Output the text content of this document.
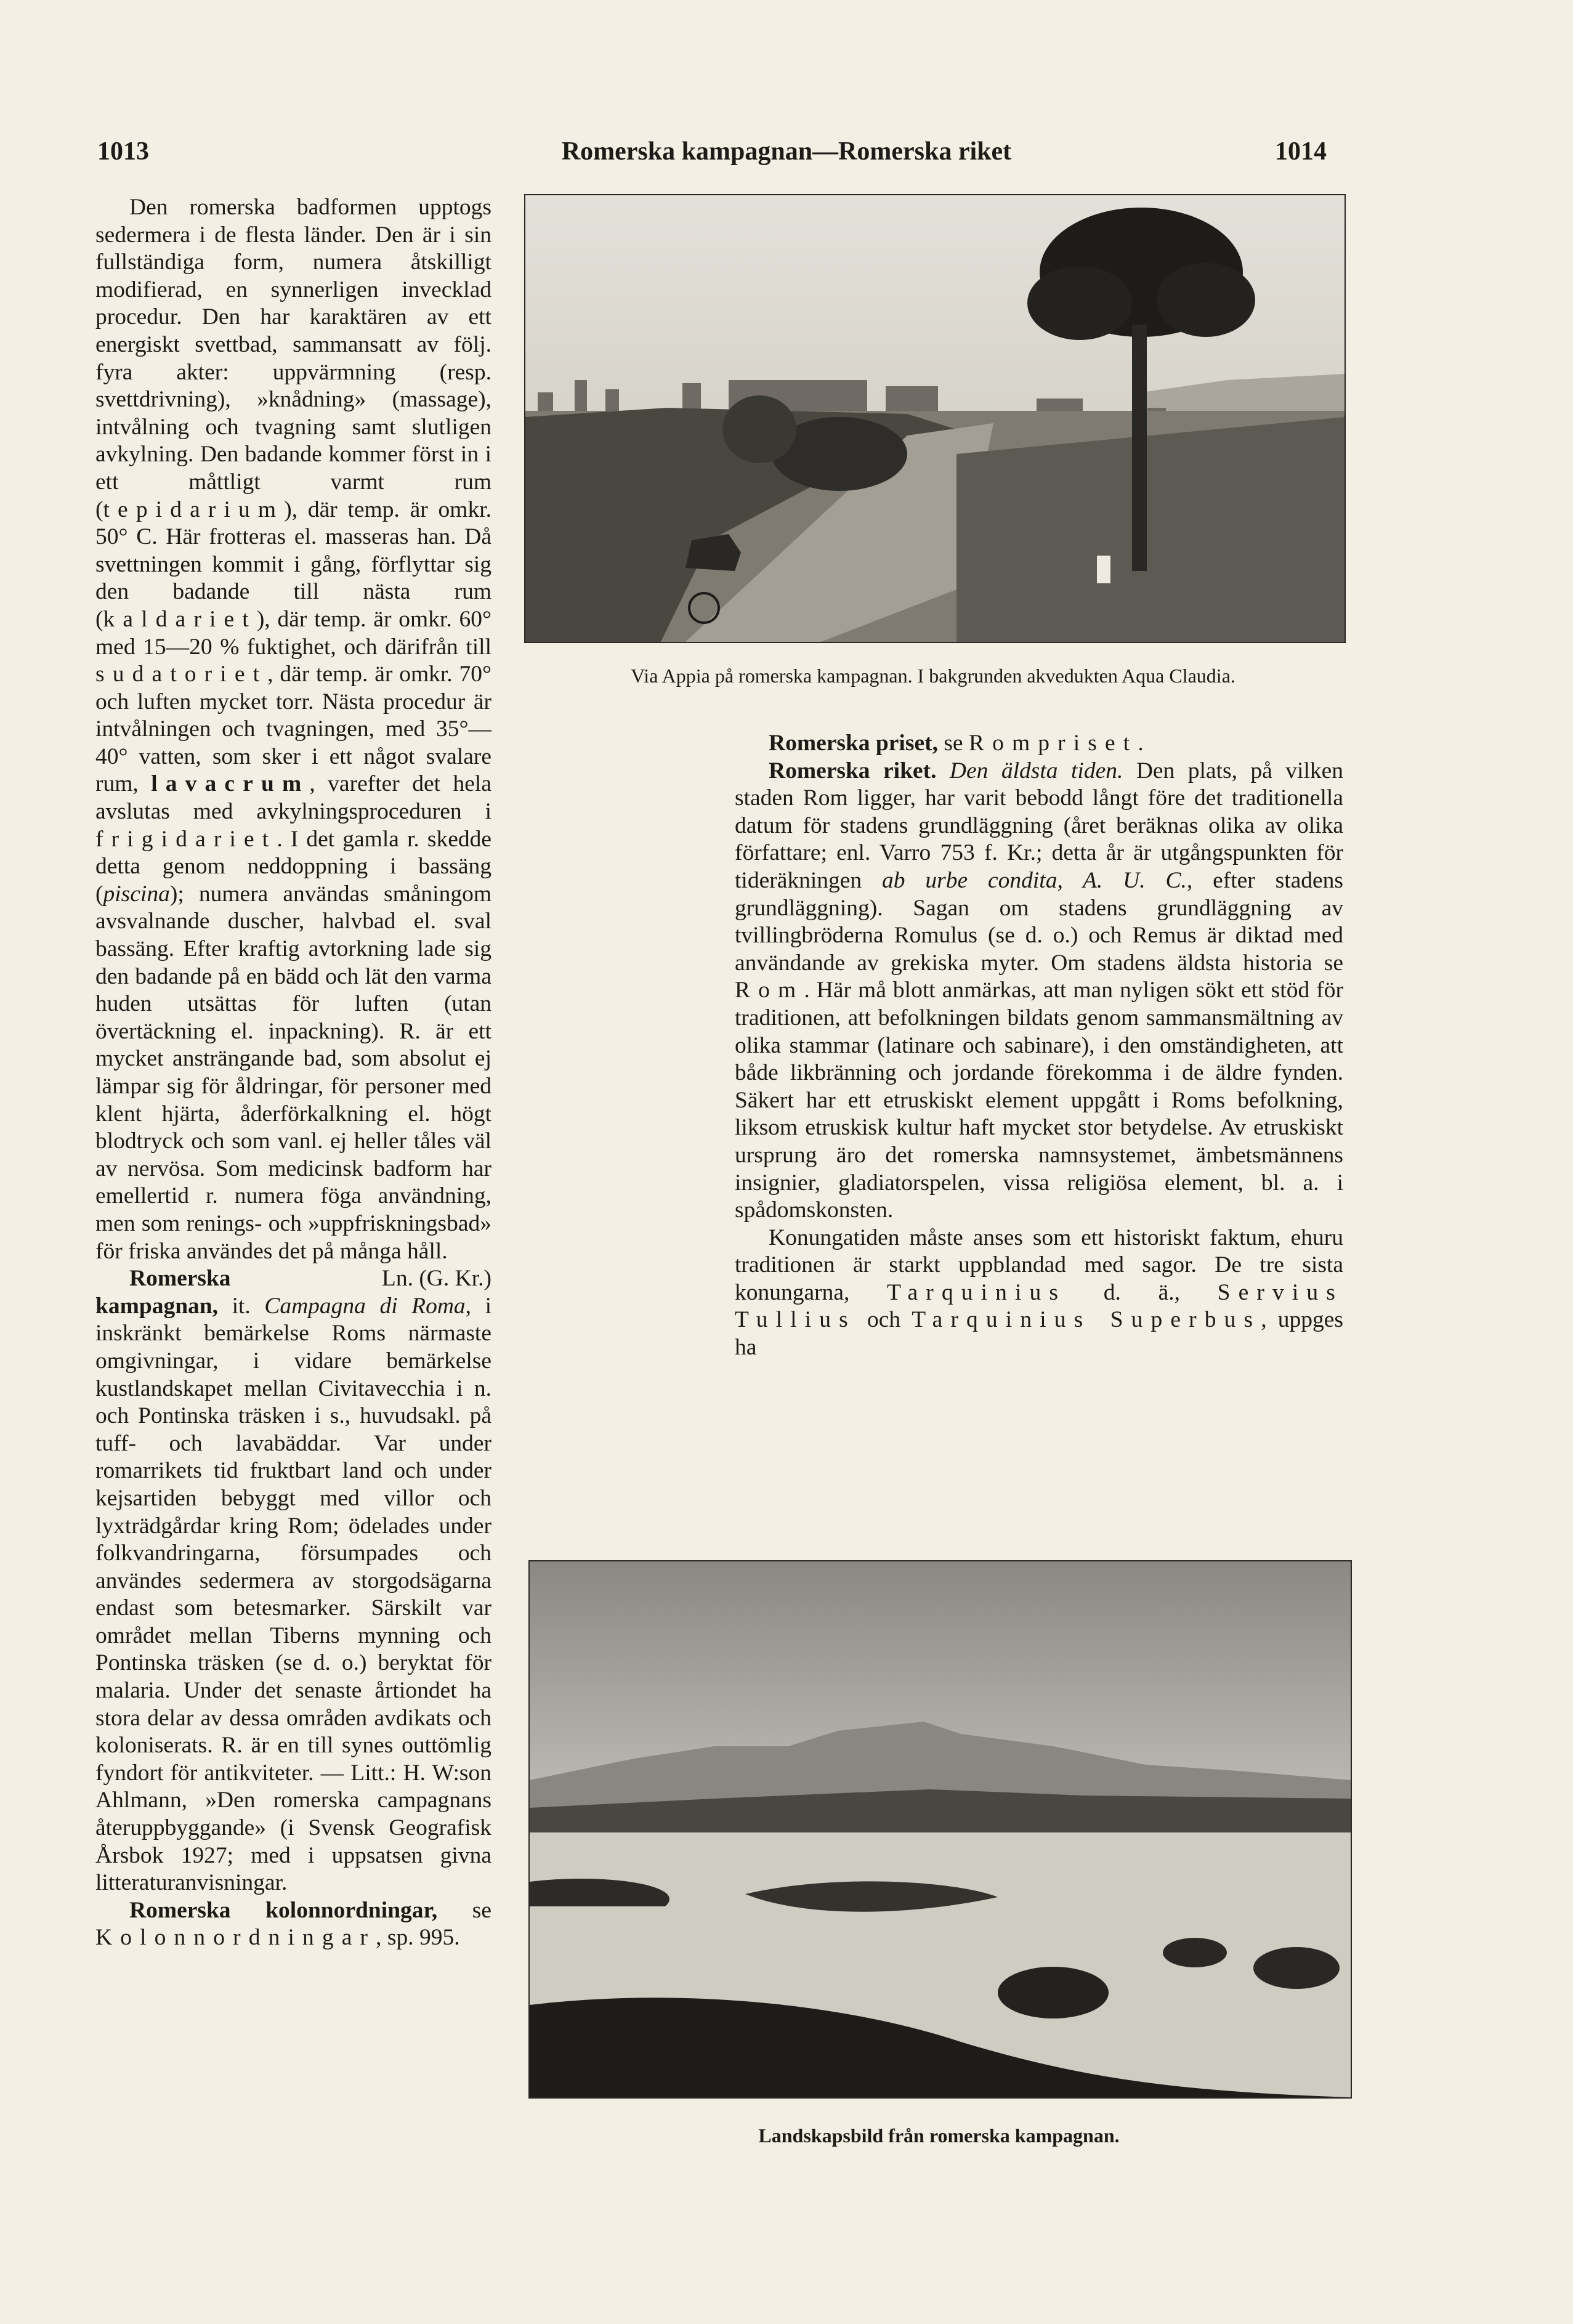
1013	Romerska kampagnan—Romerska riket	1014

Den romerska badformen upptogs sedermera i de flesta länder. Den är i sin fullständiga form, numera åtskilligt modifierad, en synnerligen invecklad procedur. Den har karaktären av ett energiskt svettbad, sammansatt av följ. fyra akter: uppvärmning (resp. svettdrivning), »knådning» (massage), intvålning och tvagning samt slutligen avkylning. Den badande kommer först in i ett måttligt varmt rum (tepidarium), där temp. är omkr. 50° C. Här frotteras el. masseras han. Då svettningen kommit i gång, förflyttar sig den badande till nästa rum (kaldariet), där temp. är omkr. 60° med 15—20 % fuktighet, och därifrån till sudatoriet, där temp. är omkr. 70° och luften mycket torr. Nästa procedur är intvålningen och tvagningen, med 35°—40° vatten, som sker i ett något svalare rum, lavacrum, varefter det hela avslutas med avkylningsproceduren i frigidariet. I det gamla r. skedde detta genom neddoppning i bassäng (piscina); numera användas småningom avsvalnande duscher, halvbad el. sval bassäng. Efter kraftig avtorkning lade sig den badande på en bädd och lät den varma huden utsättas för luften (utan övertäckning el. inpackning). R. är ett mycket ansträngande bad, som absolut ej lämpar sig för åldringar, för personer med klent hjärta, åderförkalkning el. högt blodtryck och som vanl. ej heller tåles väl av nervösa. Som medicinsk badform har emellertid r. numera föga användning, men som renings- och »uppfriskningsbad» för friska användes det på många håll.
Ln. (G. Kr.)

Romerska kampagnan, it. Campagna di Roma, i inskränkt bemärkelse Roms närmaste omgivningar, i vidare bemärkelse kustlandskapet mellan Civitavecchia i n. och Pontinska träsken i s., huvudsakl. på tuff- och lavabäddar. Var under romarrikets tid fruktbart land och under kejsartiden bebyggt med villor och lyxträdgårdar kring Rom; ödelades under folkvandringarna, försumpades och användes sedermera av storgodsägarna endast som betesmarker. Särskilt var området mellan Tiberns mynning och Pontinska träsken (se d. o.) beryktat för malaria. Under det senaste årtiondet ha stora delar av dessa områden avdikats och koloniserats. R. är en till synes outtömlig fyndort för antikviteter. — Litt.: H. W:son Ahlmann, »Den romerska campagnans återuppbyggande» (i Svensk Geografisk Årsbok 1927; med i uppsatsen givna litteraturanvisningar.

Romerska kolonnordningar, se Kolonnordningar, sp. 995.

Via Appia på romerska kampagnan. I bakgrunden akvedukten Aqua Claudia.

Romerska priset, se Rompriset.

Romerska riket. Den äldsta tiden. Den plats, på vilken staden Rom ligger, har varit bebodd långt före det traditionella datum för stadens grundläggning (året beräknas olika av olika författare; enl. Varro 753 f. Kr.; detta år är utgångspunkten för tideräkningen ab urbe condita, A. U. C., efter stadens grundläggning). Sagan om stadens grundläggning av tvillingbröderna Romulus (se d. o.) och Remus är diktad med användande av grekiska myter. Om stadens äldsta historia se Rom. Här må blott anmärkas, att man nyligen sökt ett stöd för traditionen, att befolkningen bildats genom sammansmältning av olika stammar (latinare och sabinare), i den omständigheten, att både likbränning och jordande förekomma i de äldre fynden. Säkert har ett etruskiskt element uppgått i Roms befolkning, liksom etruskisk kultur haft mycket stor betydelse. Av etruskiskt ursprung äro det romerska namnsystemet, ämbetsmännens insignier, gladiatorspelen, vissa religiösa element, bl. a. i spådomskonsten.

Konungatiden måste anses som ett historiskt faktum, ehuru traditionen är starkt uppblandad med sagor. De tre sista konungarna, Tarquinius d. ä., Servius Tullius och Tarquinius Superbus, uppges ha

Landskapsbild från romerska kampagnan.
